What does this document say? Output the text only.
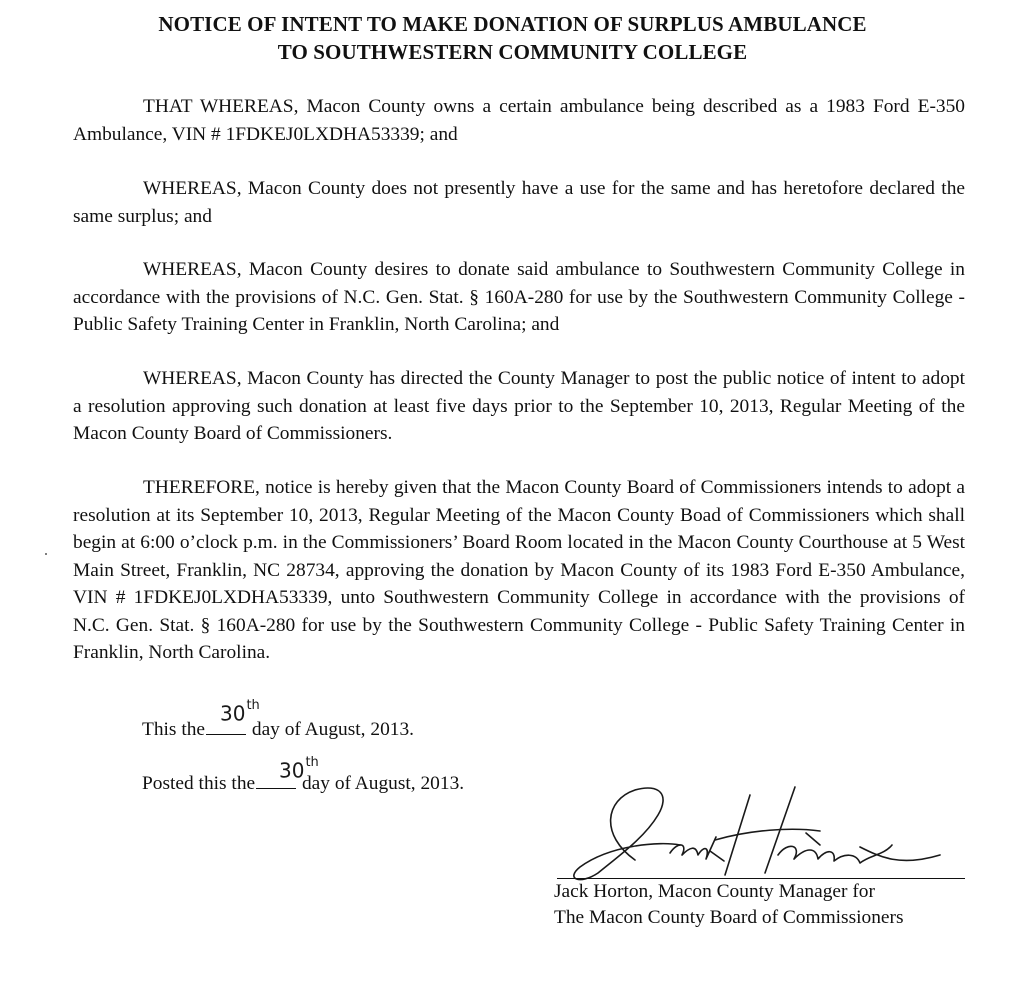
NOTICE OF INTENT TO MAKE DONATION OF SURPLUS AMBULANCE
TO SOUTHWESTERN COMMUNITY COLLEGE

THAT WHEREAS, Macon County owns a certain ambulance being described as a 1983 Ford E-350 Ambulance, VIN # 1FDKEJ0LXDHA53339; and

WHEREAS, Macon County does not presently have a use for the same and has heretofore declared the same surplus; and

WHEREAS, Macon County desires to donate said ambulance to Southwestern Community College in accordance with the provisions of N.C. Gen. Stat. § 160A-280 for use by the Southwestern Community College - Public Safety Training Center in Franklin, North Carolina; and

WHEREAS, Macon County has directed the County Manager to post the public notice of intent to adopt a resolution approving such donation at least five days prior to the September 10, 2013, Regular Meeting of the Macon County Board of Commissioners.

THEREFORE, notice is hereby given that the Macon County Board of Commissioners intends to adopt a resolution at its September 10, 2013, Regular Meeting of the Macon County Boad of Commissioners which shall begin at 6:00 o’clock p.m. in the Commissioners’ Board Room located in the Macon County Courthouse at 5 West Main Street, Franklin, NC 28734, approving the donation by Macon County of its 1983 Ford E-350 Ambulance, VIN # 1FDKEJ0LXDHA53339, unto Southwestern Community College in accordance with the provisions of N.C. Gen. Stat. § 160A-280 for use by the Southwestern Community College - Public Safety Training Center in Franklin, North Carolina.

This the day of August, 2013.
30th
Posted this the day of August, 2013.
30th
Jack Horton, Macon County Manager for
The Macon County Board of Commissioners
